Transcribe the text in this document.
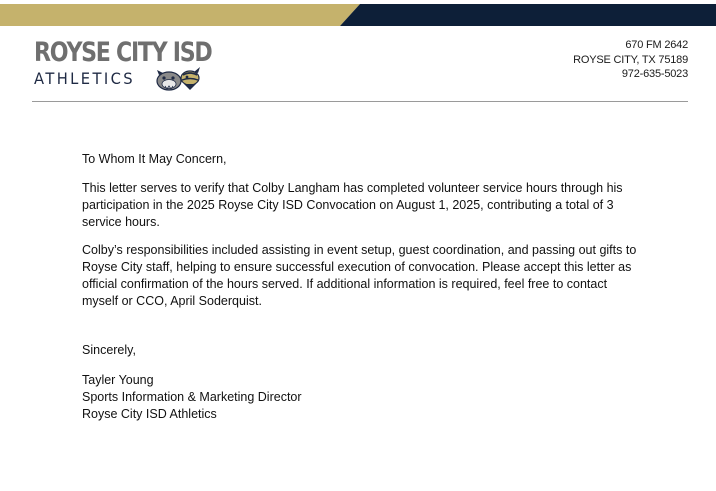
ROYSE CITY ISD
ATHLETICS
670 FM 2642
ROYSE CITY, TX 75189
972-635-5023

To Whom It May Concern,

This letter serves to verify that Colby Langham has completed volunteer service hours through his participation in the 2025 Royse City ISD Convocation on August 1, 2025, contributing a total of 3 service hours.

Colby’s responsibilities included assisting in event setup, guest coordination, and passing out gifts to Royse City staff, helping to ensure successful execution of convocation. Please accept this letter as official confirmation of the hours served. If additional information is required, feel free to contact myself or CCO, April Soderquist.

Sincerely,

Tayler Young

Sports Information & Marketing Director

Royse City ISD Athletics
